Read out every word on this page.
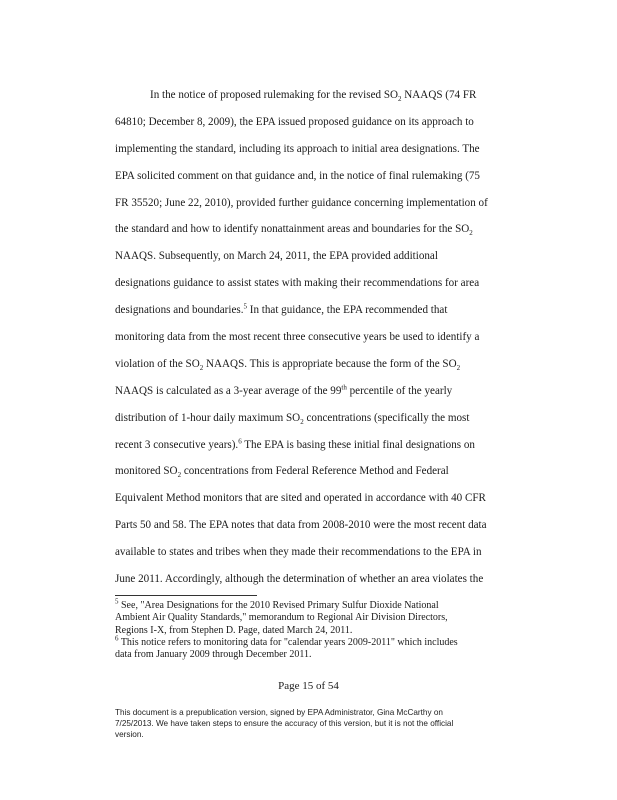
In the notice of proposed rulemaking for the revised $SO_2$ NAAQS (74 FR
64810; December 8, 2009), the EPA issued proposed guidance on its approach to
implementing the standard, including its approach to initial area designations. The
EPA solicited comment on that guidance and, in the notice of final rulemaking (75
FR 35520; June 22, 2010), provided further guidance concerning implementation of
the standard and how to identify nonattainment areas and boundaries for the $SO_2$
NAAQS. Subsequently, on March 24, 2011, the EPA provided additional
designations guidance to assist states with making their recommendations for area
designations and boundaries.$^5$ In that guidance, the EPA recommended that
monitoring data from the most recent three consecutive years be used to identify a
violation of the $SO_2$ NAAQS. This is appropriate because the form of the $SO_2$
NAAQS is calculated as a 3-year average of the 99th percentile of the yearly
distribution of 1-hour daily maximum $SO_2$ concentrations (specifically the most
recent 3 consecutive years).$^6$ The EPA is basing these initial final designations on
monitored $SO_2$ concentrations from Federal Reference Method and Federal
Equivalent Method monitors that are sited and operated in accordance with 40 CFR
Parts 50 and 58. The EPA notes that data from 2008-2010 were the most recent data
available to states and tribes when they made their recommendations to the EPA in
June 2011. Accordingly, although the determination of whether an area violates the
$^5$ See, "Area Designations for the 2010 Revised Primary Sulfur Dioxide National
Ambient Air Quality Standards," memorandum to Regional Air Division Directors,
Regions I-X, from Stephen D. Page, dated March 24, 2011.
$^6$ This notice refers to monitoring data for "calendar years 2009-2011" which includes
data from January 2009 through December 2011.
Page 15 of 54
This document is a prepublication version, signed by EPA Administrator, Gina McCarthy on
7/25/2013. We have taken steps to ensure the accuracy of this version, but it is not the official
version.
